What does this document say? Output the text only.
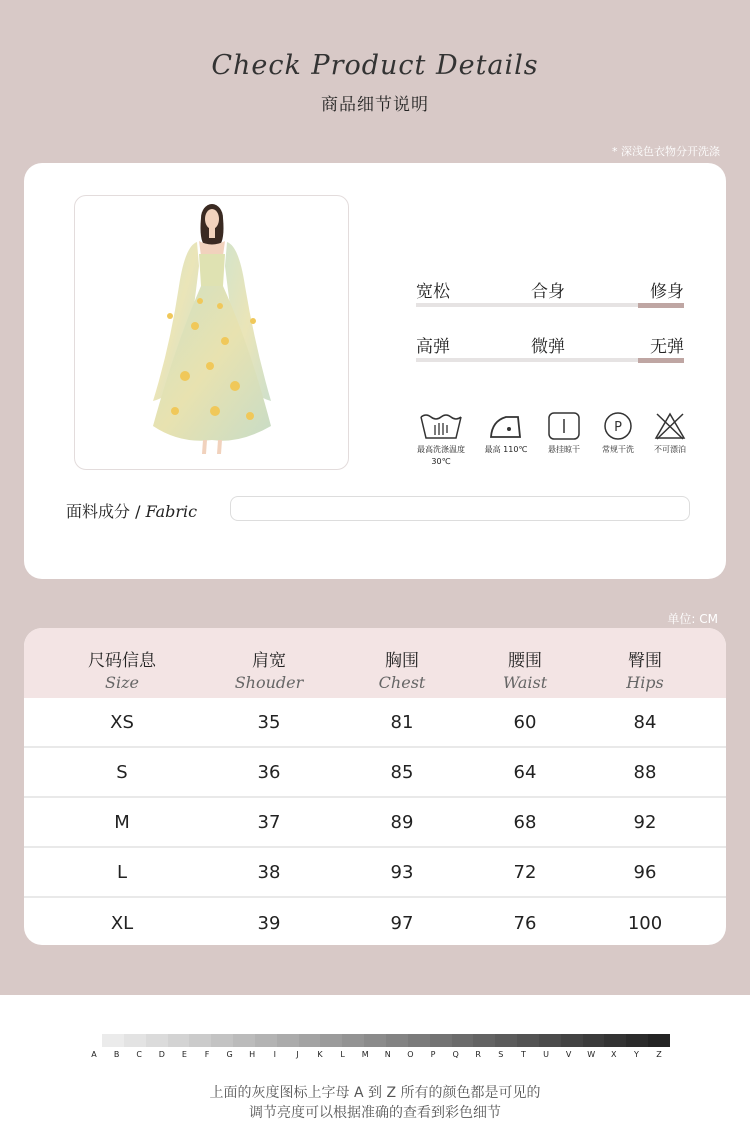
Check Product Details
商品细节说明
* 深浅色衣物分开洗涤
宽松	合身	修身
高弹	微弹	无弹
最高洗涤温度
30℃
最高 110℃	悬挂晾干
P
常规干洗	不可漂泊
面料成分 / Fabric
单位: CM
尺码信息
Size
肩宽
Shouder
胸围
Chest
腰围
Waist
臀围
Hips
XS	35	81	60	84
S	36	85	64	88
M	37	89	68	92
L	38	93	72	96
XL	39	97	76	100
A B C D E F G H I	J K L M N O P Q R S T U V W X Y Z
上面的灰度图标上字母 A 到 Z 所有的颜色都是可见的
调节亮度可以根据准确的查看到彩色细节
